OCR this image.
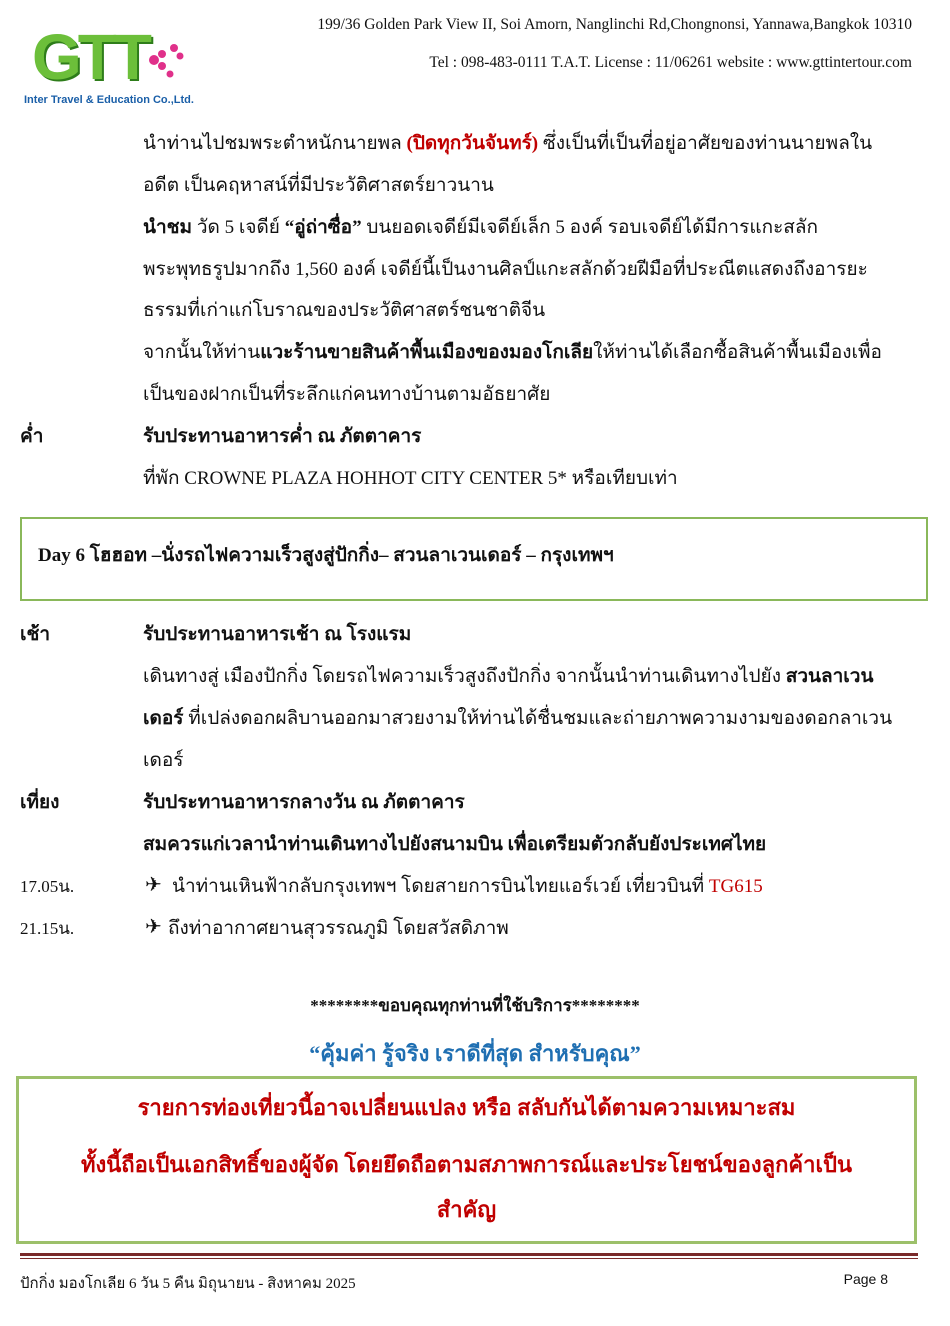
GTT
Inter Travel & Education Co.,Ltd.
199/36 Golden Park View II, Soi Amorn, Nanglinchi Rd,Chongnonsi, Yannawa,Bangkok 10310
Tel : 098-483-0111 T.A.T. License : 11/06261 website : www.gttintertour.com
นำท่านไปชมพระตำหนักนายพล (ปิดทุกวันจันทร์) ซึ่งเป็นที่เป็นที่อยู่อาศัยของท่านนายพลใน
อดีต เป็นคฤหาสน์ที่มีประวัติศาสตร์ยาวนาน
นำชม วัด 5 เจดีย์ “อู่ถ่าซื่อ” บนยอดเจดีย์มีเจดีย์เล็ก 5 องค์ รอบเจดีย์ได้มีการแกะสลัก
พระพุทธรูปมากถึง 1,560 องค์ เจดีย์นี้เป็นงานศิลป์แกะสลักด้วยฝีมือที่ประณีตแสดงถึงอารยะ
ธรรมที่เก่าแก่โบราณของประวัติศาสตร์ชนชาติจีน
จากนั้นให้ท่านแวะร้านขายสินค้าพื้นเมืองของมองโกเลียให้ท่านได้เลือกซื้อสินค้าพื้นเมืองเพื่อ
เป็นของฝากเป็นที่ระลึกแก่คนทางบ้านตามอัธยาศัย
ค่ำ	รับประทานอาหารค่ำ ณ ภัตตาคาร
ที่พัก CROWNE PLAZA HOHHOT CITY CENTER 5* หรือเทียบเท่า
Day 6 โฮฮอท –นั่งรถไฟความเร็วสูงสู่ปักกิ่ง– สวนลาเวนเดอร์ – กรุงเทพฯ
เช้า	รับประทานอาหารเช้า ณ โรงแรม
เดินทางสู่ เมืองปักกิ่ง โดยรถไฟความเร็วสูงถึงปักกิ่ง จากนั้นนำท่านเดินทางไปยัง สวนลาเวน
เดอร์ ที่เปล่งดอกผลิบานออกมาสวยงามให้ท่านได้ชื่นชมและถ่ายภาพความงามของดอกลาเวน
เดอร์
เที่ยง	รับประทานอาหารกลางวัน ณ ภัตตาคาร
สมควรแก่เวลานำท่านเดินทางไปยังสนามบิน เพื่อเตรียมตัวกลับยังประเทศไทย
17.05น.	✈ นำท่านเหินฟ้ากลับกรุงเทพฯ โดยสายการบินไทยแอร์เวย์ เที่ยวบินที่ TG615
21.15น.	✈ ถึงท่าอากาศยานสุวรรณภูมิ โดยสวัสดิภาพ
********ขอบคุณทุกท่านที่ใช้บริการ********
“คุ้มค่า รู้จริง เราดีที่สุด สำหรับคุณ”
รายการท่องเที่ยวนี้อาจเปลี่ยนแปลง หรือ สลับกันได้ตามความเหมาะสม
ทั้งนี้ถือเป็นเอกสิทธิ์ของผู้จัด โดยยึดถือตามสภาพการณ์และประโยชน์ของลูกค้าเป็น
สำคัญ
ปักกิ่ง มองโกเลีย 6 วัน 5 คืน มิถุนายน - สิงหาคม 2025	Page 8
